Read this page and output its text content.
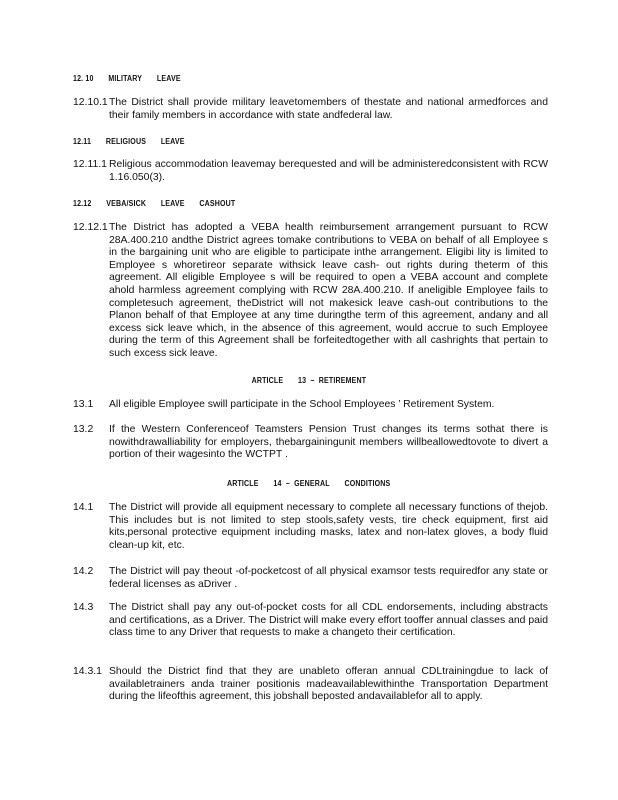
12. 10 MILITARY LEAVE
12.10.1 The District shall provide military leavetomembers of thestate and national armedforces and their family members in accordance with state andfederal law.
12.11 RELIGIOUS LEAVE
12.11.1 Religious accommodation leavemay berequested and will be administeredconsistent with RCW 1.16.050(3).
12.12 VEBA/SICK LEAVE CASHOUT
12.12.1 The District has adopted a VEBA health reimbursement arrangement pursuant to RCW 28A.400.210 andthe District agrees tomake contributions to VEBA on behalf of all Employee s in the bargaining unit who are eligible to participate inthe arrangement. Eligibi lity is limited to Employee s whoretireor separate withsick leave cash- out rights during theterm of this agreement. All eligible Employee s will be required to open a VEBA account and complete ahold harmless agreement complying with RCW 28A.400.210. If aneligible Employee fails to completesuch agreement, theDistrict will not makesick leave cash-out contributions to the Planon behalf of that Employee at any time duringthe term of this agreement, andany and all excess sick leave which, in the absence of this agreement, would accrue to such Employee during the term of this Agreement shall be forfeitedtogether with all cashrights that pertain to such excess sick leave.
ARTICLE 13 – RETIREMENT
13.1 All eligible Employee swill participate in the School Employees ’ Retirement System.
13.2 If the Western Conferenceof Teamsters Pension Trust changes its terms sothat there is nowithdrawalliability for employers, thebargainingunit members willbeallowedtovote to divert a portion of their wagesinto the WCTPT .
ARTICLE 14 – GENERAL CONDITIONS
14.1 The District will provide all equipment necessary to complete all necessary functions of thejob. This includes but is not limited to step stools,safety vests, tire check equipment, first aid kits,personal protective equipment including masks, latex and non-latex gloves, a body fluid clean-up kit, etc.
14.2 The District will pay theout -of-pocketcost of all physical examsor tests requiredfor any state or federal licenses as aDriver .
14.3 The District shall pay any out-of-pocket costs for all CDL endorsements, including abstracts and certifications, as a Driver. The District will make every effort tooffer annual classes and paid class time to any Driver that requests to make a changeto their certification.
14.3.1 Should the District find that they are unableto offeran annual CDLtrainingdue to lack of availabletrainers anda trainer positionis madeavailablewithinthe Transportation Department during the lifeofthis agreement, this jobshall beposted andavailablefor all to apply.
